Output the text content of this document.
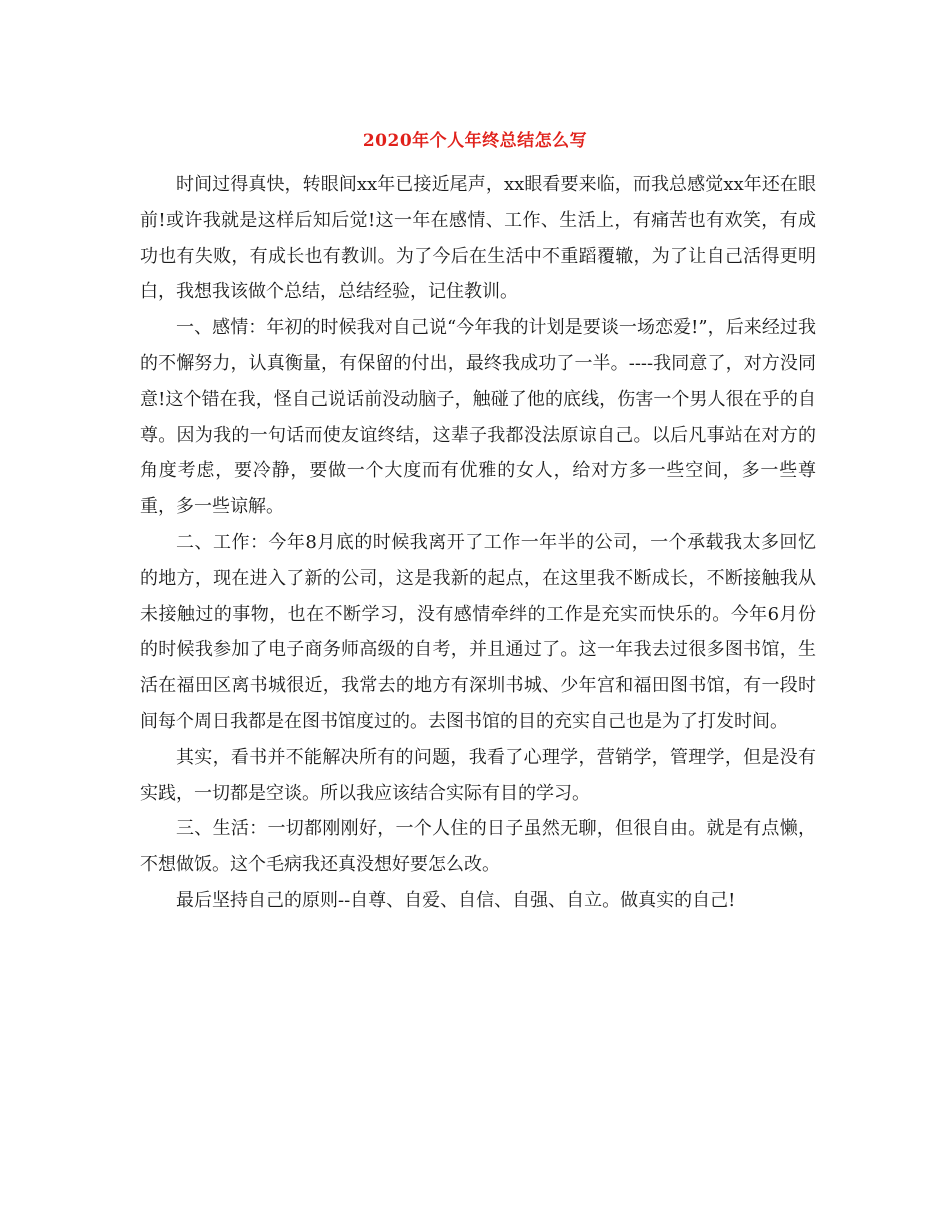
2020年个人年终总结怎么写

时间过得真快，转眼间xx年已接近尾声，xx眼看要来临，而我总感觉xx年还在眼前!或许我就是这样后知后觉!这一年在感情、工作、生活上，有痛苦也有欢笑，有成功也有失败，有成长也有教训。为了今后在生活中不重蹈覆辙，为了让自己活得更明白，我想我该做个总结，总结经验，记住教训。

一、感情：年初的时候我对自己说“今年我的计划是要谈一场恋爱!”，后来经过我的不懈努力，认真衡量，有保留的付出，最终我成功了一半。----我同意了，对方没同意!这个错在我，怪自己说话前没动脑子，触碰了他的底线，伤害一个男人很在乎的自尊。因为我的一句话而使友谊终结，这辈子我都没法原谅自己。以后凡事站在对方的角度考虑，要冷静，要做一个大度而有优雅的女人，给对方多一些空间，多一些尊重，多一些谅解。

二、工作：今年8月底的时候我离开了工作一年半的公司，一个承载我太多回忆的地方，现在进入了新的公司，这是我新的起点，在这里我不断成长，不断接触我从未接触过的事物，也在不断学习，没有感情牵绊的工作是充实而快乐的。今年6月份的时候我参加了电子商务师高级的自考，并且通过了。这一年我去过很多图书馆，生活在福田区离书城很近，我常去的地方有深圳书城、少年宫和福田图书馆，有一段时间每个周日我都是在图书馆度过的。去图书馆的目的充实自己也是为了打发时间。

其实，看书并不能解决所有的问题，我看了心理学，营销学，管理学，但是没有实践，一切都是空谈。所以我应该结合实际有目的学习。

三、生活：一切都刚刚好，一个人住的日子虽然无聊，但很自由。就是有点懒，不想做饭。这个毛病我还真没想好要怎么改。

最后坚持自己的原则--自尊、自爱、自信、自强、自立。做真实的自己!
